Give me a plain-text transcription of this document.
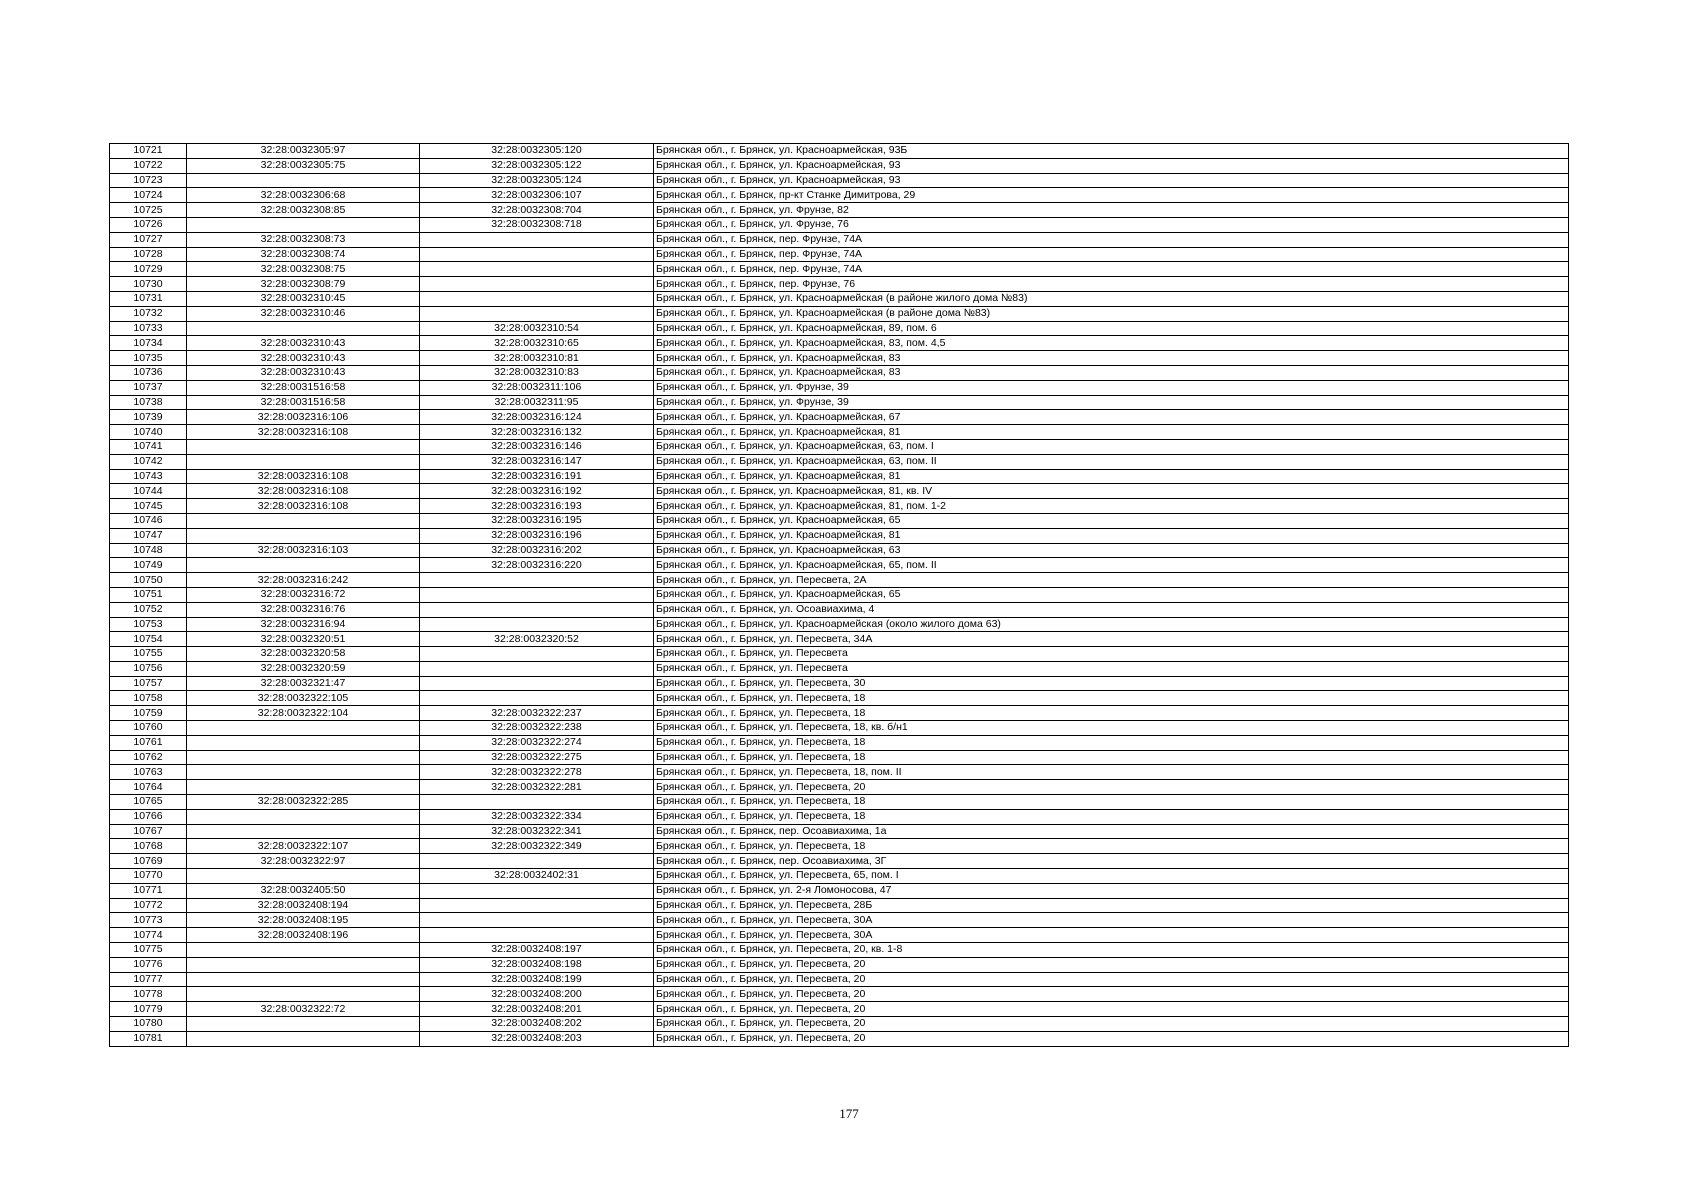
10721	32:28:0032305:97	32:28:0032305:120	Брянская обл., г. Брянск, ул. Красноармейская, 93Б
10722	32:28:0032305:75	32:28:0032305:122	Брянская обл., г. Брянск, ул. Красноармейская, 93
10723		32:28:0032305:124	Брянская обл., г. Брянск, ул. Красноармейская, 93
10724	32:28:0032306:68	32:28:0032306:107	Брянская обл., г. Брянск, пр-кт Станке Димитрова, 29
10725	32:28:0032308:85	32:28:0032308:704	Брянская обл., г. Брянск, ул. Фрунзе, 82
10726		32:28:0032308:718	Брянская обл., г. Брянск, ул. Фрунзе, 76
10727	32:28:0032308:73		Брянская обл., г. Брянск, пер. Фрунзе, 74А
10728	32:28:0032308:74		Брянская обл., г. Брянск, пер. Фрунзе, 74А
10729	32:28:0032308:75		Брянская обл., г. Брянск, пер. Фрунзе, 74А
10730	32:28:0032308:79		Брянская обл., г. Брянск, пер. Фрунзе, 76
10731	32:28:0032310:45		Брянская обл., г. Брянск, ул. Красноармейская (в районе жилого дома №83)
10732	32:28:0032310:46		Брянская обл., г. Брянск, ул. Красноармейская (в районе дома №83)
10733		32:28:0032310:54	Брянская обл., г. Брянск, ул. Красноармейская, 89, пом. 6
10734	32:28:0032310:43	32:28:0032310:65	Брянская обл., г. Брянск, ул. Красноармейская, 83, пом. 4,5
10735	32:28:0032310:43	32:28:0032310:81	Брянская обл., г. Брянск, ул. Красноармейская, 83
10736	32:28:0032310:43	32:28:0032310:83	Брянская обл., г. Брянск, ул. Красноармейская, 83
10737	32:28:0031516:58	32:28:0032311:106	Брянская обл., г. Брянск, ул. Фрунзе, 39
10738	32:28:0031516:58	32:28:0032311:95	Брянская обл., г. Брянск, ул. Фрунзе, 39
10739	32:28:0032316:106	32:28:0032316:124	Брянская обл., г. Брянск, ул. Красноармейская, 67
10740	32:28:0032316:108	32:28:0032316:132	Брянская обл., г. Брянск, ул. Красноармейская, 81
10741		32:28:0032316:146	Брянская обл., г. Брянск, ул. Красноармейская, 63, пом. I
10742		32:28:0032316:147	Брянская обл., г. Брянск, ул. Красноармейская, 63, пом. II
10743	32:28:0032316:108	32:28:0032316:191	Брянская обл., г. Брянск, ул. Красноармейская, 81
10744	32:28:0032316:108	32:28:0032316:192	Брянская обл., г. Брянск, ул. Красноармейская, 81, кв. IV
10745	32:28:0032316:108	32:28:0032316:193	Брянская обл., г. Брянск, ул. Красноармейская, 81, пом. 1-2
10746		32:28:0032316:195	Брянская обл., г. Брянск, ул. Красноармейская, 65
10747		32:28:0032316:196	Брянская обл., г. Брянск, ул. Красноармейская, 81
10748	32:28:0032316:103	32:28:0032316:202	Брянская обл., г. Брянск, ул. Красноармейская, 63
10749		32:28:0032316:220	Брянская обл., г. Брянск, ул. Красноармейская, 65, пом. II
10750	32:28:0032316:242		Брянская обл., г. Брянск, ул. Пересвета, 2А
10751	32:28:0032316:72		Брянская обл., г. Брянск, ул. Красноармейская, 65
10752	32:28:0032316:76		Брянская обл., г. Брянск, ул. Осоавиахима, 4
10753	32:28:0032316:94		Брянская обл., г. Брянск, ул. Красноармейская (около жилого дома 63)
10754	32:28:0032320:51	32:28:0032320:52	Брянская обл., г. Брянск, ул. Пересвета, 34А
10755	32:28:0032320:58		Брянская обл., г. Брянск, ул. Пересвета
10756	32:28:0032320:59		Брянская обл., г. Брянск, ул. Пересвета
10757	32:28:0032321:47		Брянская обл., г. Брянск, ул. Пересвета, 30
10758	32:28:0032322:105		Брянская обл., г. Брянск, ул. Пересвета, 18
10759	32:28:0032322:104	32:28:0032322:237	Брянская обл., г. Брянск, ул. Пересвета, 18
10760		32:28:0032322:238	Брянская обл., г. Брянск, ул. Пересвета, 18, кв. б/н1
10761		32:28:0032322:274	Брянская обл., г. Брянск, ул. Пересвета, 18
10762		32:28:0032322:275	Брянская обл., г. Брянск, ул. Пересвета, 18
10763		32:28:0032322:278	Брянская обл., г. Брянск, ул. Пересвета, 18, пом. II
10764		32:28:0032322:281	Брянская обл., г. Брянск, ул. Пересвета, 20
10765	32:28:0032322:285		Брянская обл., г. Брянск, ул. Пересвета, 18
10766		32:28:0032322:334	Брянская обл., г. Брянск, ул. Пересвета, 18
10767		32:28:0032322:341	Брянская обл., г. Брянск, пер. Осоавиахима, 1а
10768	32:28:0032322:107	32:28:0032322:349	Брянская обл., г. Брянск, ул. Пересвета, 18
10769	32:28:0032322:97		Брянская обл., г. Брянск, пер. Осоавиахима, 3Г
10770		32:28:0032402:31	Брянская обл., г. Брянск, ул. Пересвета, 65, пом. I
10771	32:28:0032405:50		Брянская обл., г. Брянск, ул. 2-я Ломоносова, 47
10772	32:28:0032408:194		Брянская обл., г. Брянск, ул. Пересвета, 28Б
10773	32:28:0032408:195		Брянская обл., г. Брянск, ул. Пересвета, 30А
10774	32:28:0032408:196		Брянская обл., г. Брянск, ул. Пересвета, 30А
10775		32:28:0032408:197	Брянская обл., г. Брянск, ул. Пересвета, 20, кв. 1-8
10776		32:28:0032408:198	Брянская обл., г. Брянск, ул. Пересвета, 20
10777		32:28:0032408:199	Брянская обл., г. Брянск, ул. Пересвета, 20
10778		32:28:0032408:200	Брянская обл., г. Брянск, ул. Пересвета, 20
10779	32:28:0032322:72	32:28:0032408:201	Брянская обл., г. Брянск, ул. Пересвета, 20
10780		32:28:0032408:202	Брянская обл., г. Брянск, ул. Пересвета, 20
10781		32:28:0032408:203	Брянская обл., г. Брянск, ул. Пересвета, 20
177
